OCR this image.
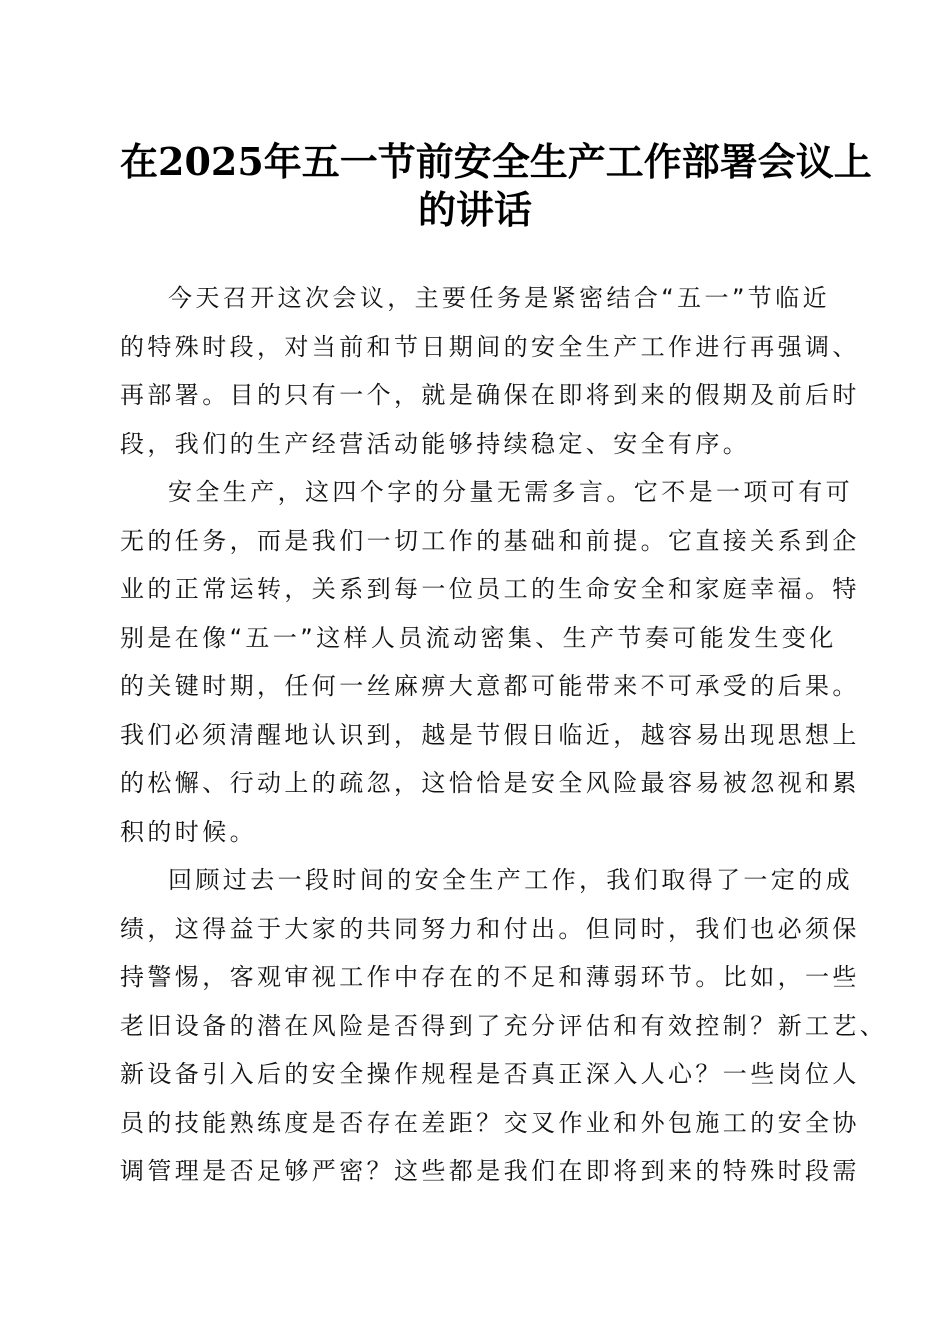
在2025年五一节前安全生产工作部署会议上
的讲话

今天召开这次会议，主要任务是紧密结合“五一”节临近
的特殊时段，对当前和节日期间的安全生产工作进行再强调、
再部署。目的只有一个，就是确保在即将到来的假期及前后时
段，我们的生产经营活动能够持续稳定、安全有序。

安全生产，这四个字的分量无需多言。它不是一项可有可
无的任务，而是我们一切工作的基础和前提。它直接关系到企
业的正常运转，关系到每一位员工的生命安全和家庭幸福。特
别是在像“五一”这样人员流动密集、生产节奏可能发生变化
的关键时期，任何一丝麻痹大意都可能带来不可承受的后果。
我们必须清醒地认识到，越是节假日临近，越容易出现思想上
的松懈、行动上的疏忽，这恰恰是安全风险最容易被忽视和累
积的时候。

回顾过去一段时间的安全生产工作，我们取得了一定的成
绩，这得益于大家的共同努力和付出。但同时，我们也必须保
持警惕，客观审视工作中存在的不足和薄弱环节。比如，一些
老旧设备的潜在风险是否得到了充分评估和有效控制？新工艺、
新设备引入后的安全操作规程是否真正深入人心？一些岗位人
员的技能熟练度是否存在差距？交叉作业和外包施工的安全协
调管理是否足够严密？这些都是我们在即将到来的特殊时段需
